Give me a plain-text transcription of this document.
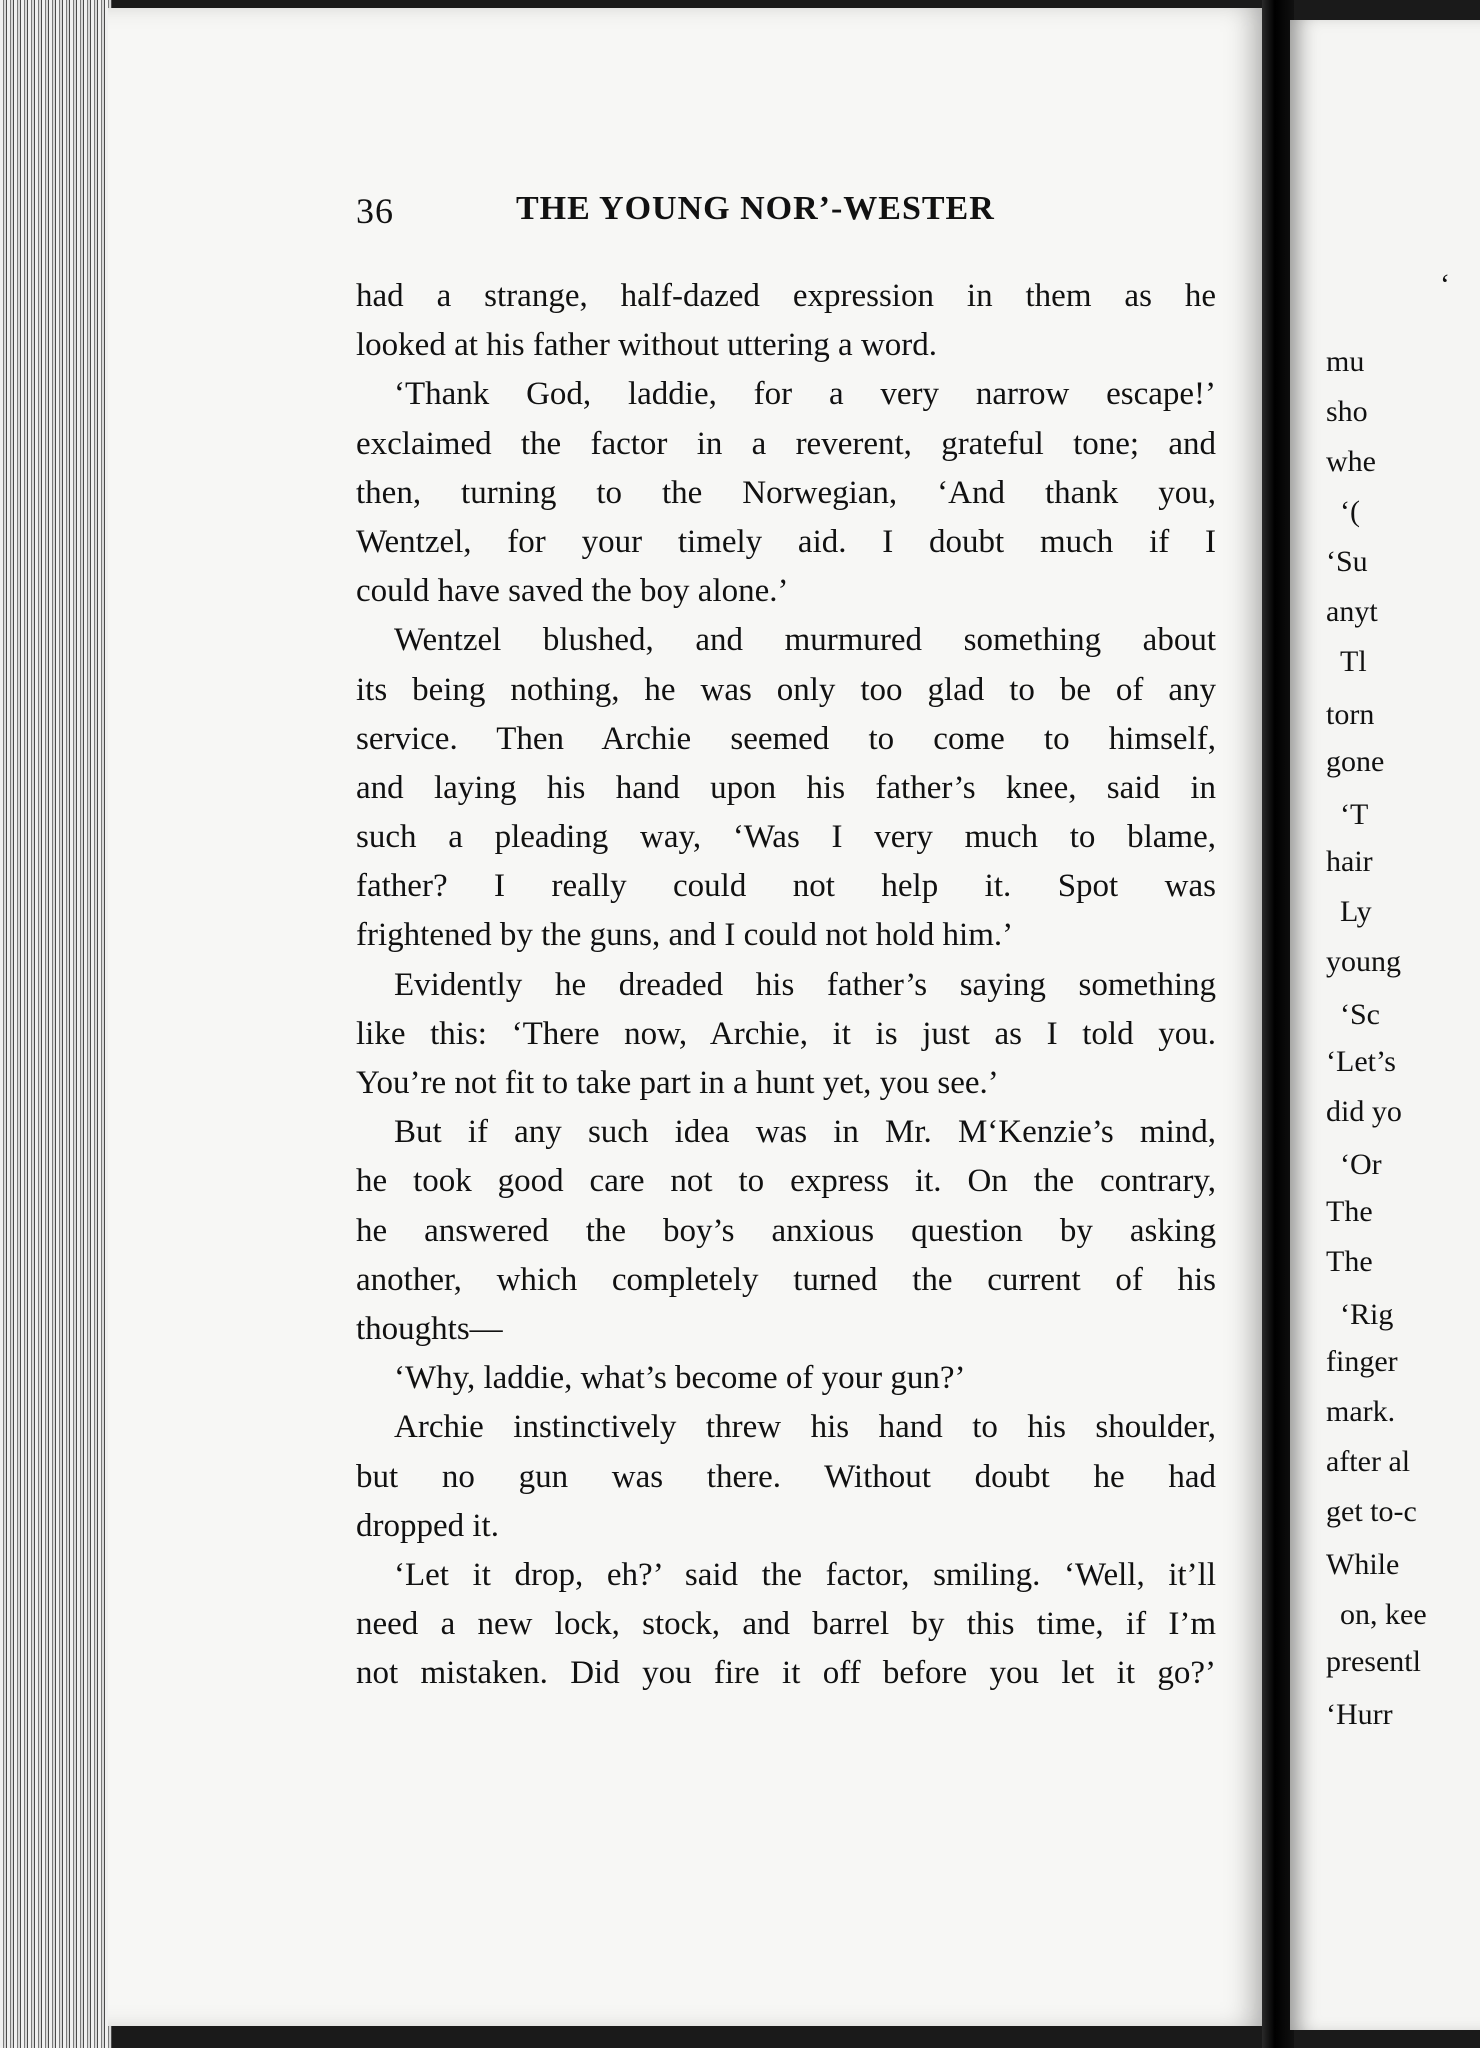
‘
mu
sho
whe
‘(
‘Su
anyt
Tl
torn
gone
‘T
hair
Ly
young
‘Sc
‘Let’s
did yo
‘Or
The
The
‘Rig
finger
mark.
after al
get to-c
While
on, kee
presentl
‘Hurr
36	THE YOUNG NOR’-WESTER
had a strange, half-dazed expression in them as he
looked at his father without uttering a word.
‘Thank God, laddie, for a very narrow escape!’
exclaimed the factor in a reverent, grateful tone; and
then, turning to the Norwegian, ‘And thank you,
Wentzel, for your timely aid. I doubt much if I
could have saved the boy alone.’
Wentzel blushed, and murmured something about
its being nothing, he was only too glad to be of any
service. Then Archie seemed to come to himself,
and laying his hand upon his father’s knee, said in
such a pleading way, ‘Was I very much to blame,
father? I really could not help it. Spot was
frightened by the guns, and I could not hold him.’
Evidently he dreaded his father’s saying something
like this: ‘There now, Archie, it is just as I told you.
You’re not fit to take part in a hunt yet, you see.’
But if any such idea was in Mr. M‘Kenzie’s mind,
he took good care not to express it. On the contrary,
he answered the boy’s anxious question by asking
another, which completely turned the current of his
thoughts—
‘Why, laddie, what’s become of your gun?’
Archie instinctively threw his hand to his shoulder,
but no gun was there. Without doubt he had
dropped it.
‘Let it drop, eh?’ said the factor, smiling. ‘Well, it’ll
need a new lock, stock, and barrel by this time, if I’m
not mistaken. Did you fire it off before you let it go?’
